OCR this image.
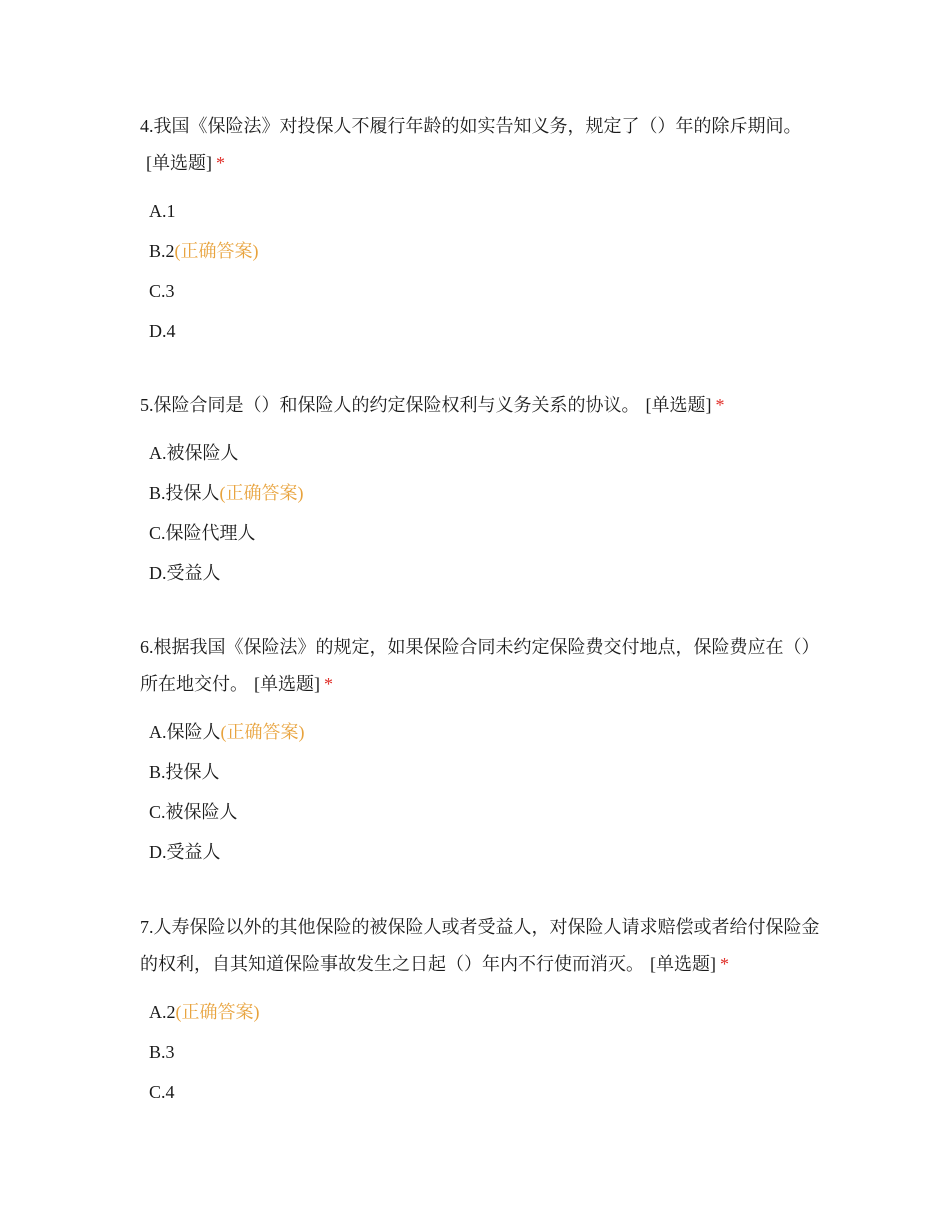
4.我国《保险法》对投保人不履行年龄的如实告知义务，规定了（）年的除斥期间。[单选题] *

A.1
B.2(正确答案)
C.3
D.4

5.保险合同是（）和保险人的约定保险权利与义务关系的协议。 [单选题] *

A.被保险人
B.投保人(正确答案)
C.保险代理人
D.受益人

6.根据我国《保险法》的规定，如果保险合同未约定保险费交付地点，保险费应在（）所在地交付。 [单选题] *

A.保险人(正确答案)
B.投保人
C.被保险人
D.受益人

7.人寿保险以外的其他保险的被保险人或者受益人，对保险人请求赔偿或者给付保险金的权利，自其知道保险事故发生之日起（）年内不行使而消灭。 [单选题] *

A.2(正确答案)
B.3
C.4
